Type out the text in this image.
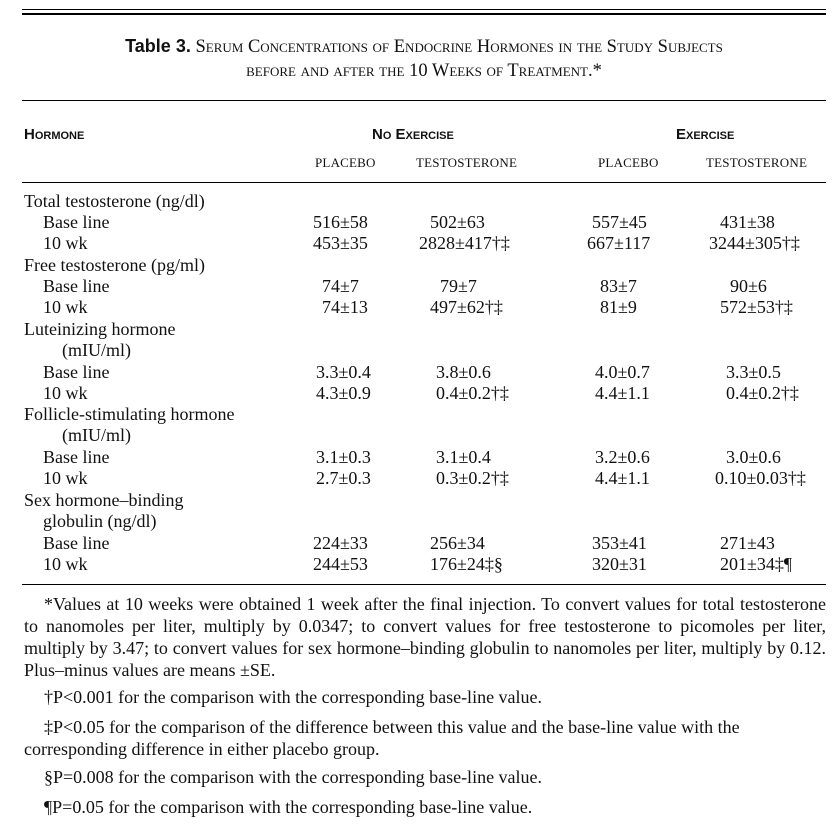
Table 3. Serum Concentrations of Endocrine Hormones in the Study Subjects
before and after the 10 Weeks of Treatment.*
Hormone	No Exercise	Exercise
PLACEBO	TESTOSTERONE	PLACEBO	TESTOSTERONE
Total testosterone (ng/dl)
Base line	516±58	502±63	557±45	431±38
10 wk	453±35	2828±417†‡	667±117	3244±305†‡
Free testosterone (pg/ml)
Base line	74±7	79±7	83±7	90±6
10 wk	74±13	497±62†‡	81±9	572±53†‡
Luteinizing hormone
(mIU/ml)
Base line	3.3±0.4	3.8±0.6	4.0±0.7	3.3±0.5
10 wk	4.3±0.9	0.4±0.2†‡	4.4±1.1	0.4±0.2†‡
Follicle-stimulating hormone
(mIU/ml)
Base line	3.1±0.3	3.1±0.4	3.2±0.6	3.0±0.6
10 wk	2.7±0.3	0.3±0.2†‡	4.4±1.1	0.10±0.03†‡
Sex hormone–binding
globulin (ng/dl)
Base line	224±33	256±34	353±41	271±43
10 wk	244±53	176±24‡§	320±31	201±34‡¶
*Values at 10 weeks were obtained 1 week after the final injection. To convert values for total testosterone to nanomoles per liter, multiply by 0.0347; to convert values for free testosterone to picomoles per liter, multiply by 3.47; to convert values for sex hormone–binding globulin to nanomoles per liter, multiply by 0.12. Plus–minus values are means ±SE.
†P<0.001 for the comparison with the corresponding base-line value.
‡P<0.05 for the comparison of the difference between this value and the base-line value with the corresponding difference in either placebo group.
§P=0.008 for the comparison with the corresponding base-line value.
¶P=0.05 for the comparison with the corresponding base-line value.
